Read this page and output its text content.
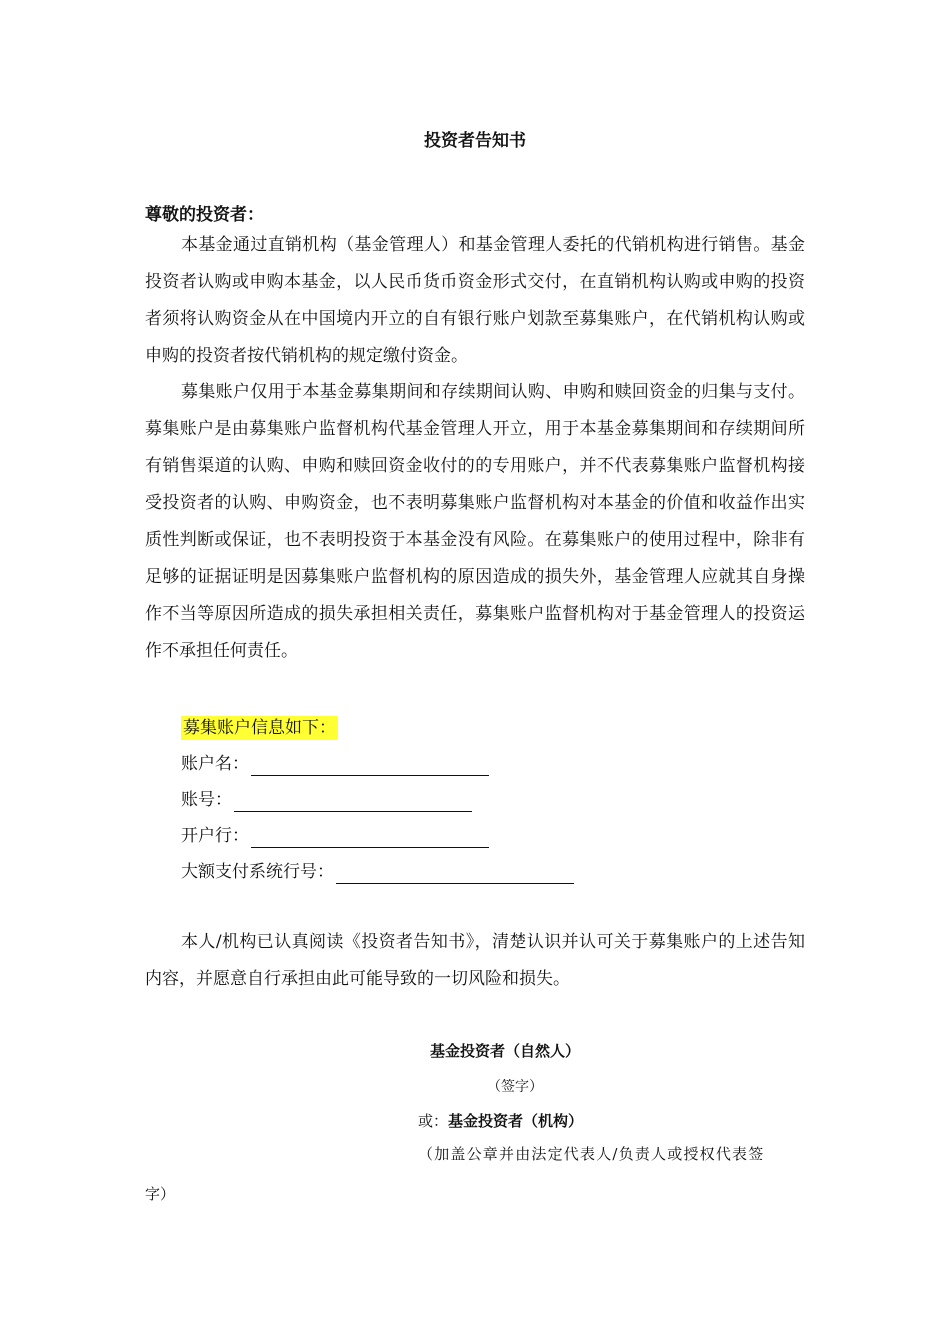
投资者告知书
尊敬的投资者：

本基金通过直销机构（基金管理人）和基金管理人委托的代销机构进行销售。基金投资者认购或申购本基金，以人民币货币资金形式交付，在直销机构认购或申购的投资者须将认购资金从在中国境内开立的自有银行账户划款至募集账户，在代销机构认购或申购的投资者按代销机构的规定缴付资金。

募集账户仅用于本基金募集期间和存续期间认购、申购和赎回资金的归集与支付。募集账户是由募集账户监督机构代基金管理人开立，用于本基金募集期间和存续期间所有销售渠道的认购、申购和赎回资金收付的的专用账户，并不代表募集账户监督机构接受投资者的认购、申购资金，也不表明募集账户监督机构对本基金的价值和收益作出实质性判断或保证，也不表明投资于本基金没有风险。在募集账户的使用过程中，除非有足够的证据证明是因募集账户监督机构的原因造成的损失外，基金管理人应就其自身操作不当等原因所造成的损失承担相关责任，募集账户监督机构对于基金管理人的投资运作不承担任何责任。

募集账户信息如下：
账户名：
账号：
开户行：
大额支付系统行号：

本人/机构已认真阅读《投资者告知书》，清楚认识并认可关于募集账户的上述告知内容，并愿意自行承担由此可能导致的一切风险和损失。

基金投资者（自然人）
（签字）
或：基金投资者（机构）
（加盖公章并由法定代表人/负责人或授权代表签
字）
